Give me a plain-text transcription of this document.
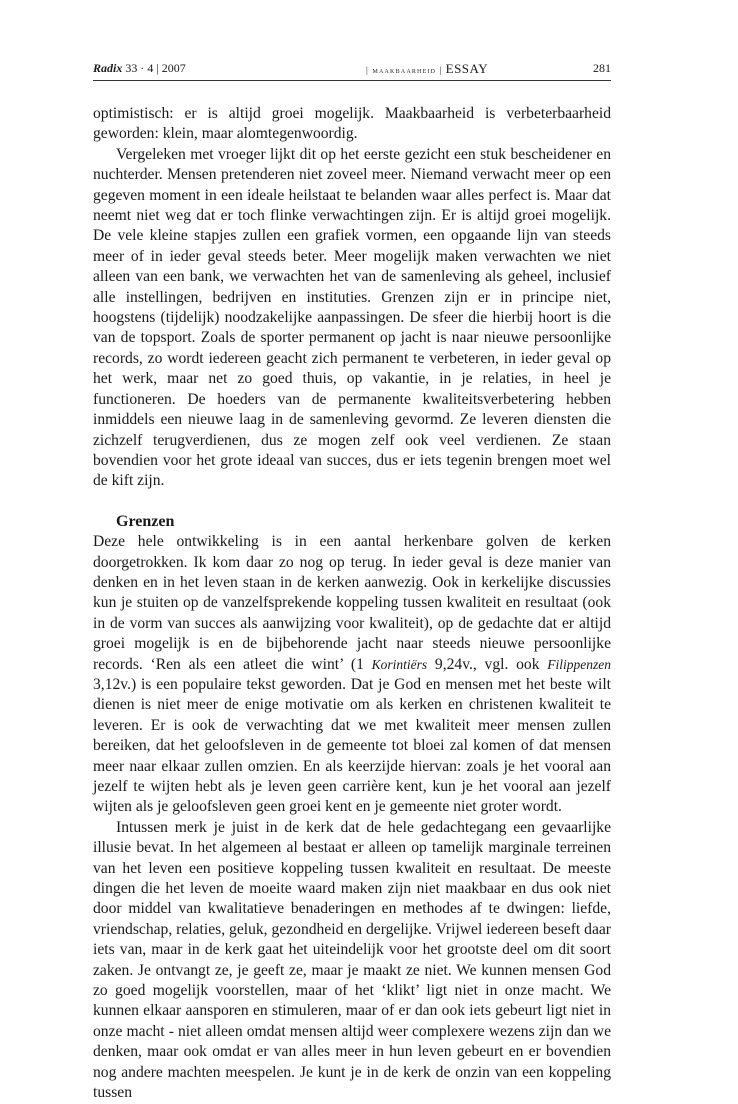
Radix 33 · 4 | 2007	| maakbaarheid | ESSAY	281

optimistisch: er is altijd groei mogelijk. Maakbaarheid is verbeterbaarheid geworden: klein, maar alomtegenwoordig.

Vergeleken met vroeger lijkt dit op het eerste gezicht een stuk bescheidener en nuchterder. Mensen pretenderen niet zoveel meer. Niemand verwacht meer op een gegeven moment in een ideale heilstaat te belanden waar alles perfect is. Maar dat neemt niet weg dat er toch flinke verwachtingen zijn. Er is altijd groei mogelijk. De vele kleine stapjes zullen een grafiek vormen, een opgaande lijn van steeds meer of in ieder geval steeds beter. Meer mogelijk maken verwachten we niet alleen van een bank, we verwachten het van de samenleving als geheel, inclusief alle instellingen, bedrijven en instituties. Grenzen zijn er in principe niet, hoogstens (tijdelijk) noodzakelijke aanpassingen. De sfeer die hierbij hoort is die van de topsport. Zoals de sporter permanent op jacht is naar nieuwe persoonlijke records, zo wordt iedereen geacht zich permanent te verbeteren, in ieder geval op het werk, maar net zo goed thuis, op vakantie, in je relaties, in heel je functioneren. De hoeders van de permanente kwaliteitsverbetering hebben inmiddels een nieuwe laag in de samenleving gevormd. Ze leveren diensten die zichzelf terugverdienen, dus ze mogen zelf ook veel verdienen. Ze staan bovendien voor het grote ideaal van succes, dus er iets tegenin brengen moet wel de kift zijn.

Grenzen

Deze hele ontwikkeling is in een aantal herkenbare golven de kerken doorgetrokken. Ik kom daar zo nog op terug. In ieder geval is deze manier van denken en in het leven staan in de kerken aanwezig. Ook in kerkelijke discussies kun je stuiten op de vanzelfsprekende koppeling tussen kwaliteit en resultaat (ook in de vorm van succes als aanwijzing voor kwaliteit), op de gedachte dat er altijd groei mogelijk is en de bijbehorende jacht naar steeds nieuwe persoonlijke records. ‘Ren als een atleet die wint’ (1 Korintiërs 9,24v., vgl. ook Filippenzen 3,12v.) is een populaire tekst geworden. Dat je God en mensen met het beste wilt dienen is niet meer de enige motivatie om als kerken en christenen kwaliteit te leveren. Er is ook de verwachting dat we met kwaliteit meer mensen zullen bereiken, dat het geloofsleven in de gemeente tot bloei zal komen of dat mensen meer naar elkaar zullen omzien. En als keerzijde hiervan: zoals je het vooral aan jezelf te wijten hebt als je leven geen carrière kent, kun je het vooral aan jezelf wijten als je geloofsleven geen groei kent en je gemeente niet groter wordt.

Intussen merk je juist in de kerk dat de hele gedachtegang een gevaarlijke illusie bevat. In het algemeen al bestaat er alleen op tamelijk marginale terreinen van het leven een positieve koppeling tussen kwaliteit en resultaat. De meeste dingen die het leven de moeite waard maken zijn niet maakbaar en dus ook niet door middel van kwalitatieve benaderingen en methodes af te dwingen: liefde, vriendschap, relaties, geluk, gezondheid en dergelijke. Vrijwel iedereen beseft daar iets van, maar in de kerk gaat het uiteindelijk voor het grootste deel om dit soort zaken. Je ontvangt ze, je geeft ze, maar je maakt ze niet. We kunnen mensen God zo goed mogelijk voorstellen, maar of het ‘klikt’ ligt niet in onze macht. We kunnen elkaar aansporen en stimuleren, maar of er dan ook iets gebeurt ligt niet in onze macht - niet alleen omdat mensen altijd weer complexere wezens zijn dan we denken, maar ook omdat er van alles meer in hun leven gebeurt en er bovendien nog andere machten meespelen. Je kunt je in de kerk de onzin van een koppeling tussen
